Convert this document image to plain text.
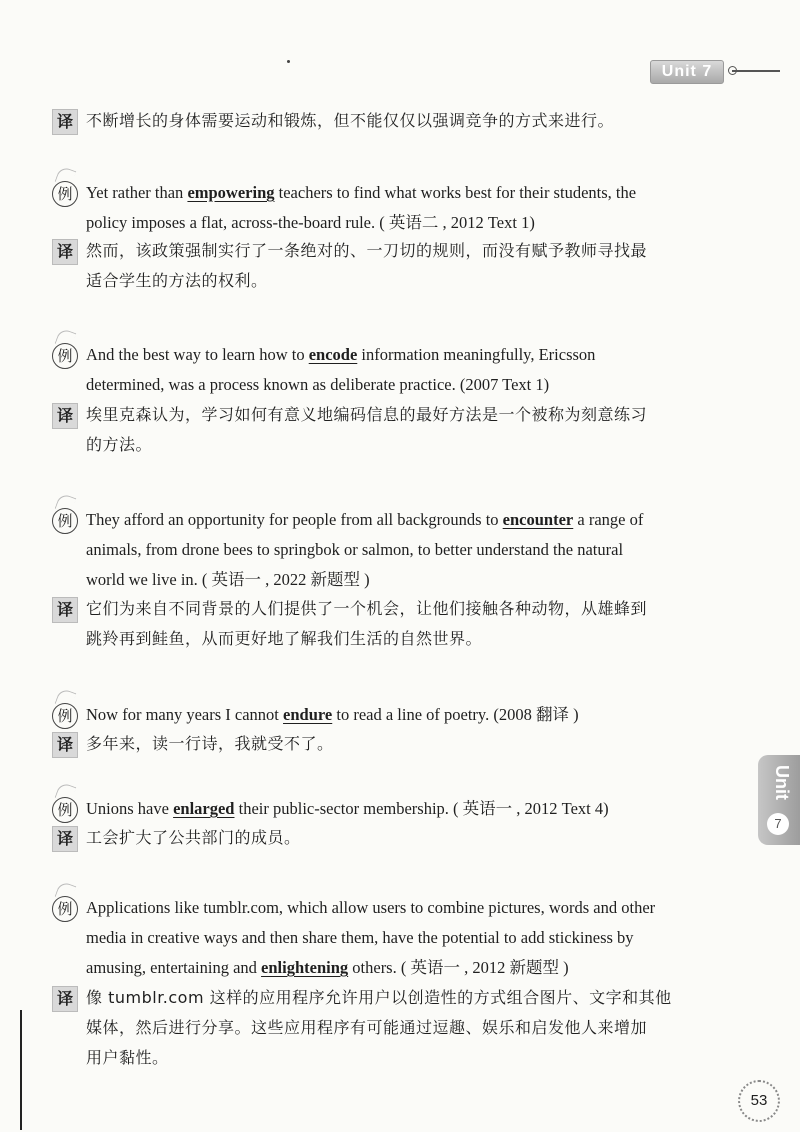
Unit 7
Unit
7
译 不断增长的身体需要运动和锻炼，但不能仅仅以强调竞争的方式来进行。
例 Yet rather than empowering teachers to find what works best for their students, the
policy imposes a flat, across-the-board rule. ( 英语二 , 2012 Text 1)
译 然而，该政策强制实行了一条绝对的、一刀切的规则，而没有赋予教师寻找最
适合学生的方法的权利。
例 And the best way to learn how to encode information meaningfully, Ericsson
determined, was a process known as deliberate practice. (2007 Text 1)
译 埃里克森认为，学习如何有意义地编码信息的最好方法是一个被称为刻意练习
的方法。
例 They afford an opportunity for people from all backgrounds to encounter a range of
animals, from drone bees to springbok or salmon, to better understand the natural
world we live in. ( 英语一 , 2022 新题型 )
译 它们为来自不同背景的人们提供了一个机会，让他们接触各种动物，从雄蜂到
跳羚再到鲑鱼，从而更好地了解我们生活的自然世界。
例 Now for many years I cannot endure to read a line of poetry. (2008 翻译 )
译 多年来，读一行诗，我就受不了。
例 Unions have enlarged their public-sector membership. ( 英语一 , 2012 Text 4)
译 工会扩大了公共部门的成员。
例 Applications like tumblr.com, which allow users to combine pictures, words and other
media in creative ways and then share them, have the potential to add stickiness by
amusing, entertaining and enlightening others. ( 英语一 , 2012 新题型 )
译 像 tumblr.com 这样的应用程序允许用户以创造性的方式组合图片、文字和其他
媒体，然后进行分享。这些应用程序有可能通过逗趣、娱乐和启发他人来增加
用户黏性。
53
